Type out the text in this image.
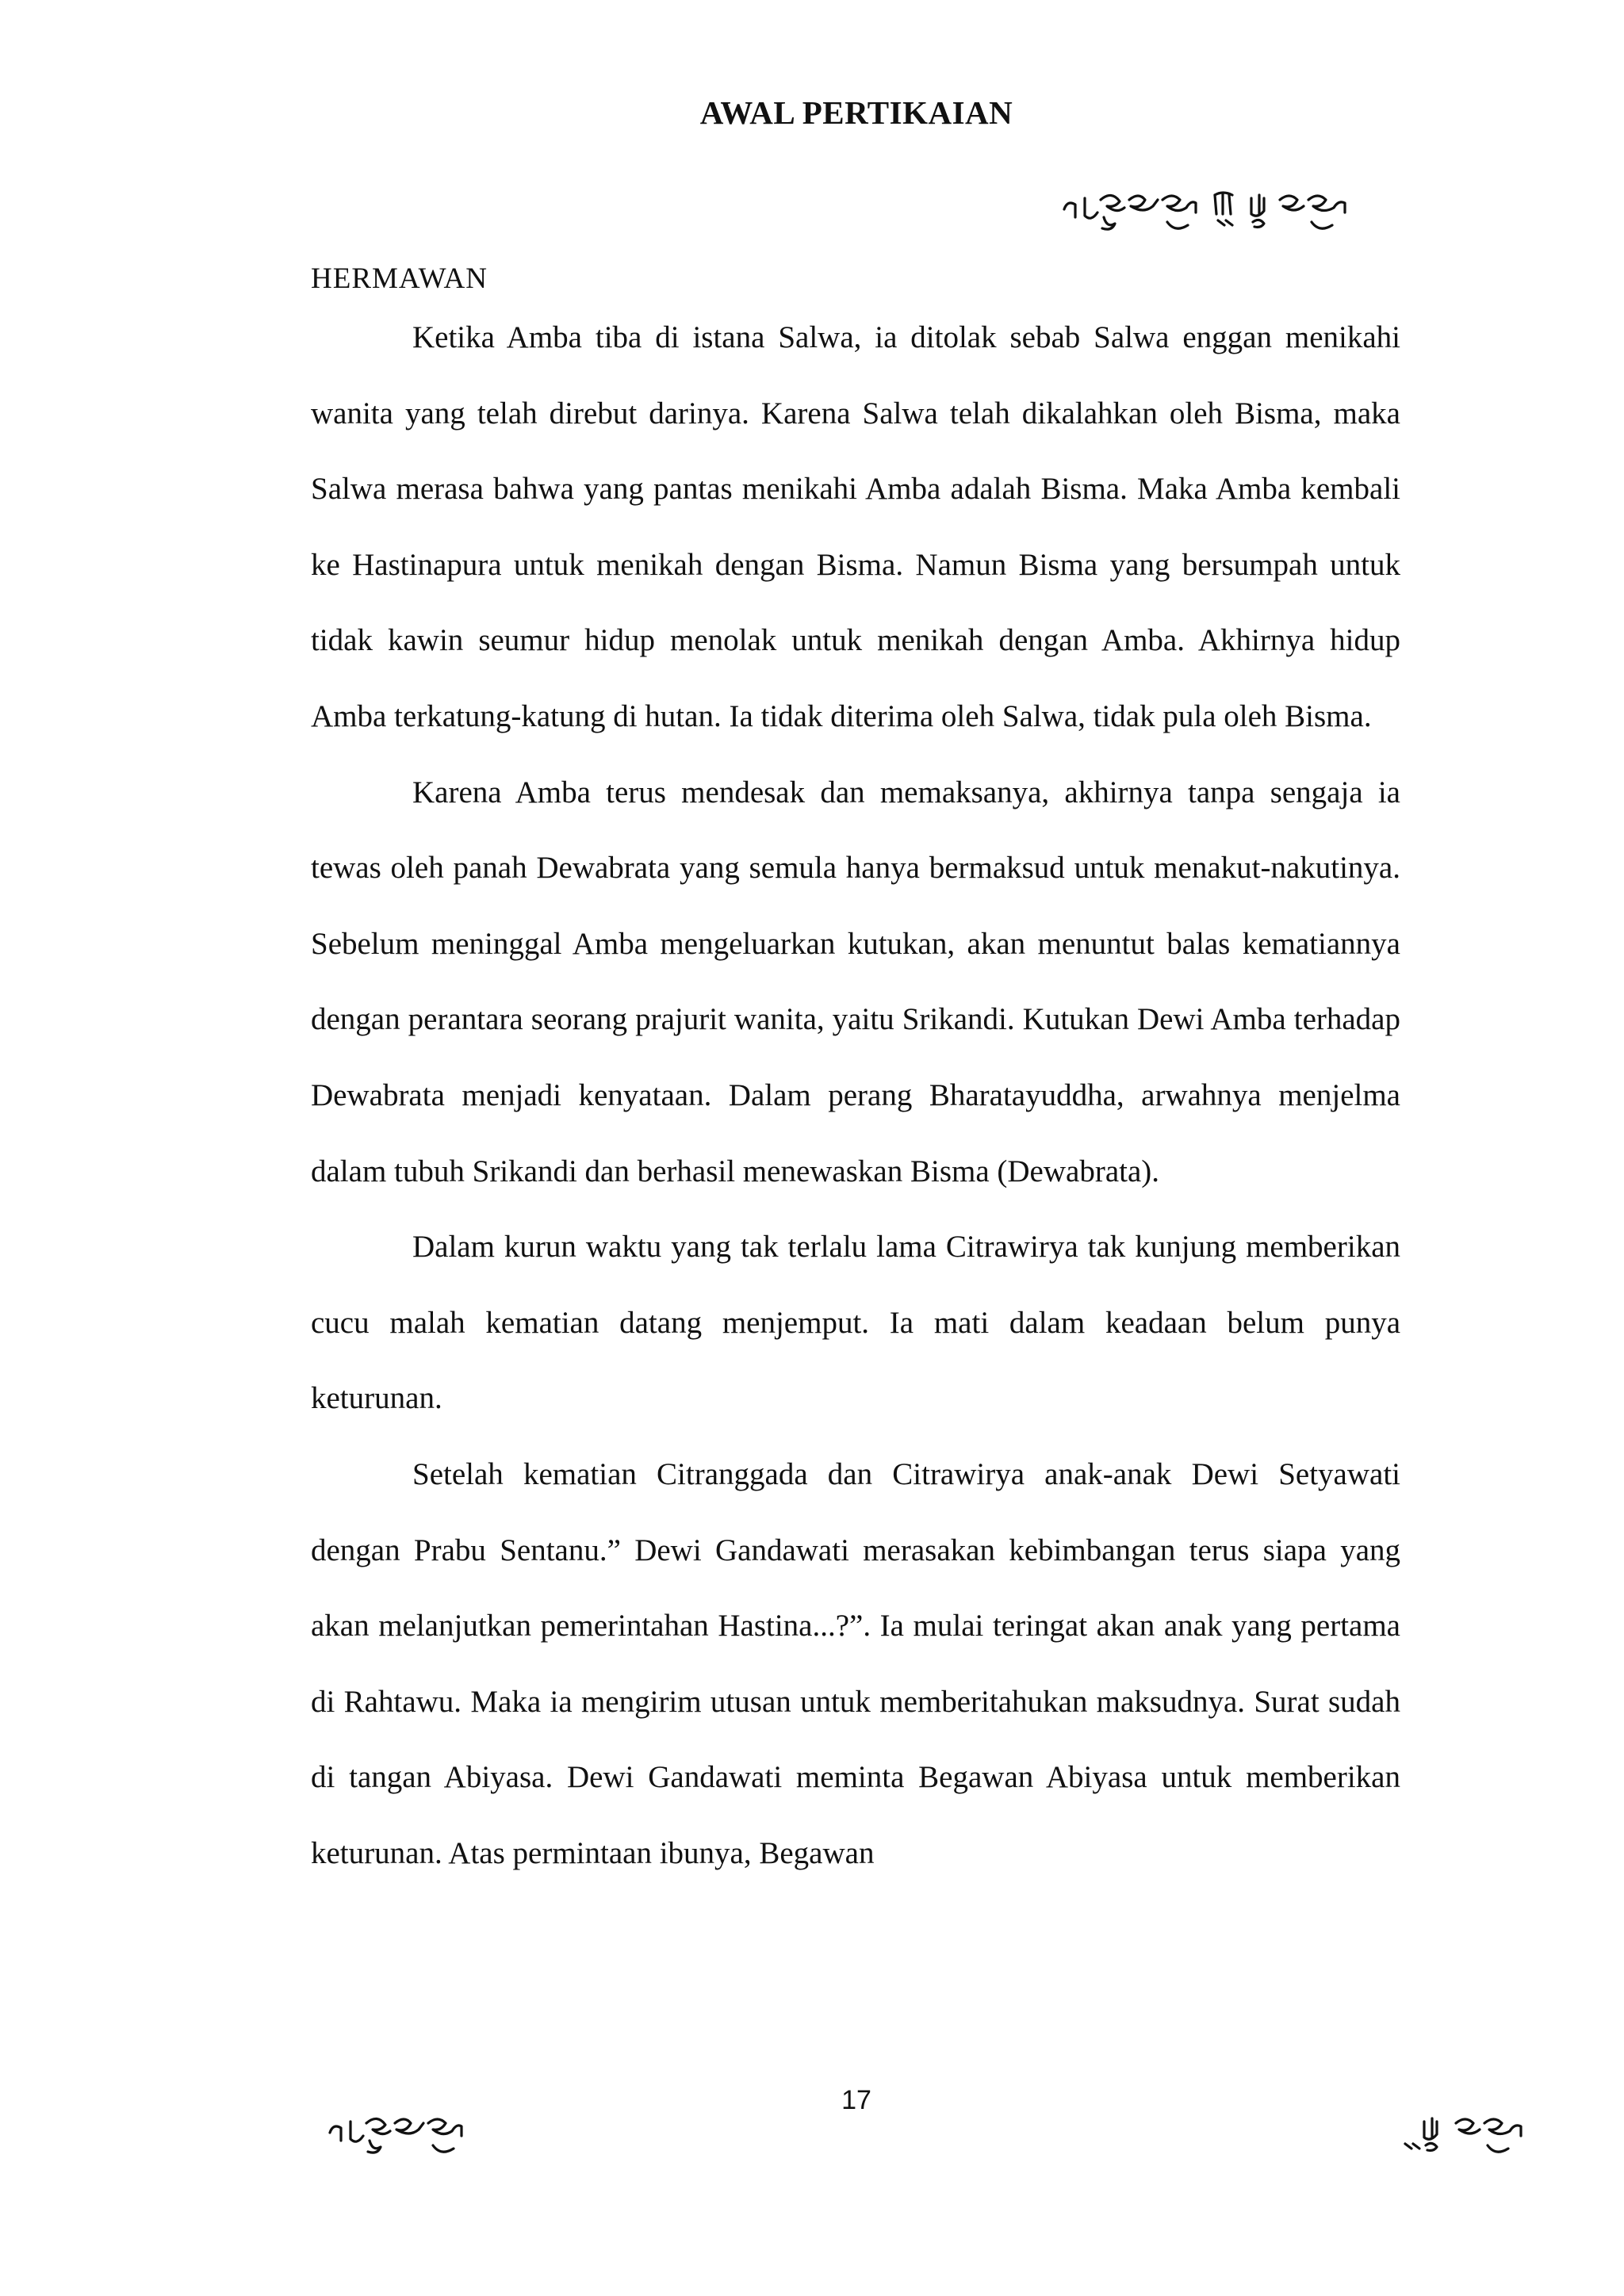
AWAL PERTIKAIAN
HERMAWAN

Ketika Amba tiba di istana Salwa, ia ditolak sebab Salwa enggan menikahi wanita yang telah direbut darinya. Karena Salwa telah dikalahkan oleh Bisma, maka Salwa merasa bahwa yang pantas menikahi Amba adalah Bisma. Maka Amba kembali ke Hastinapura untuk menikah dengan Bisma. Namun Bisma yang bersumpah untuk tidak kawin seumur hidup menolak untuk menikah dengan Amba. Akhirnya hidup Amba terkatung-katung di hutan. Ia tidak diterima oleh Salwa, tidak pula oleh Bisma.

Karena Amba terus mendesak dan memaksanya, akhirnya tanpa sengaja ia tewas oleh panah Dewabrata yang semula hanya bermaksud untuk menakut-nakutinya. Sebelum meninggal Amba mengeluarkan kutukan, akan menuntut balas kematiannya dengan perantara seorang prajurit wanita, yaitu Srikandi. Kutukan Dewi Amba terhadap Dewabrata menjadi kenyataan. Dalam perang Bharatayuddha, arwahnya menjelma dalam tubuh Srikandi dan berhasil menewaskan Bisma (Dewabrata).

Dalam kurun waktu yang tak terlalu lama Citrawirya tak kunjung memberikan cucu malah kematian datang menjemput. Ia mati dalam keadaan belum punya keturunan.

Setelah kematian Citranggada dan Citrawirya anak-anak Dewi Setyawati dengan Prabu Sentanu.” Dewi Gandawati merasakan kebimbangan terus siapa yang akan melanjutkan pemerintahan Hastina...?”. Ia mulai teringat akan anak yang pertama di Rahtawu. Maka ia mengirim utusan untuk memberitahukan maksudnya. Surat sudah di tangan Abiyasa. Dewi Gandawati meminta Begawan Abiyasa untuk memberikan keturunan. Atas permintaan ibunya, Begawan

17
